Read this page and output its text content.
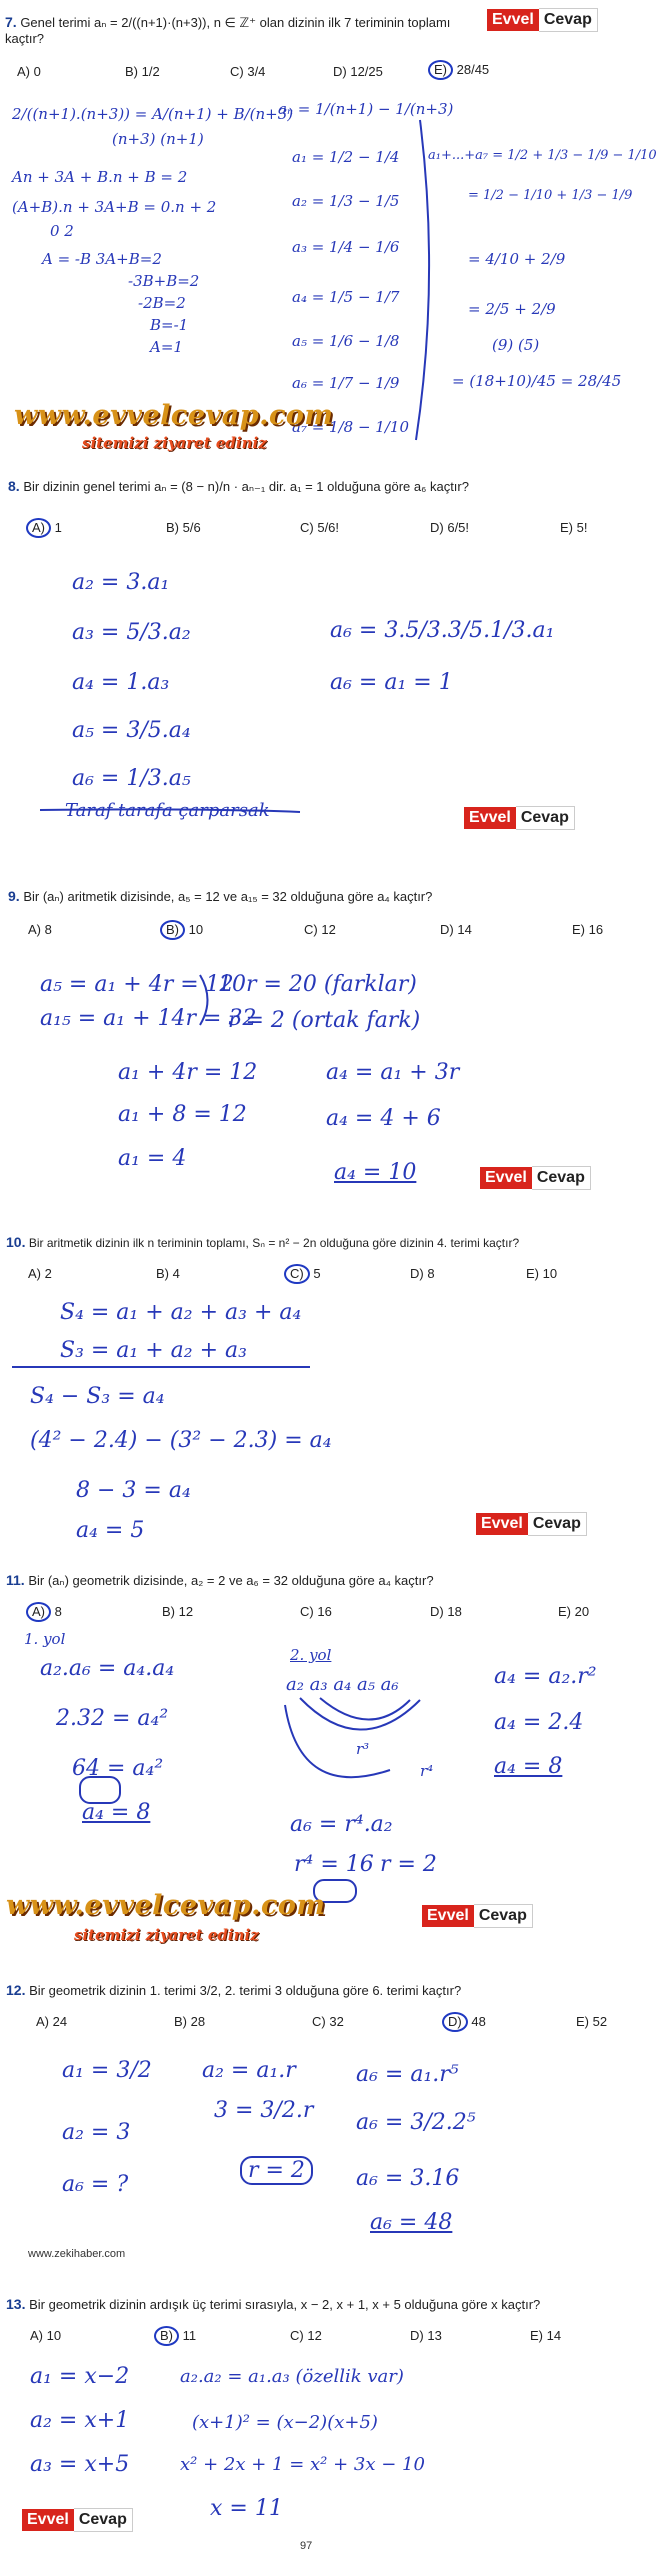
7. Genel terimi aₙ = 2/((n+1)·(n+3)), n ∈ ℤ⁺ olan dizinin ilk 7 teriminin toplamı kaçtır?
Evvel Cevap
A) 0	B) 1/2	C) 3/4	D) 12/25	E) 28/45
2/((n+1).(n+3)) = A/(n+1) + B/(n+3)
(n+3) (n+1)
An + 3A + B.n + B = 2
(A+B).n + 3A+B = 0.n + 2
0 2
A = -B 3A+B=2
-3B+B=2
-2B=2
B=-1
A=1
aₙ = 1/(n+1) − 1/(n+3)
a₁ = 1/2 − 1/4
a₂ = 1/3 − 1/5
a₃ = 1/4 − 1/6
a₄ = 1/5 − 1/7
a₅ = 1/6 − 1/8
a₆ = 1/7 − 1/9
a₇ = 1/8 − 1/10
a₁+...+a₇ = 1/2 + 1/3 − 1/9 − 1/10
= 1/2 − 1/10 + 1/3 − 1/9
= 4/10 + 2/9
= 2/5 + 2/9
(9) (5)
= (18+10)/45 = 28/45
www.evvelcevap.com
sitemizi ziyaret ediniz
8. Bir dizinin genel terimi aₙ = (8 − n)/n · aₙ₋₁ dir. a₁ = 1 olduğuna göre a₆ kaçtır?
A) 1	B) 5/6	C) 5/6!	D) 6/5!	E) 5!
a₂ = 3.a₁
a₃ = 5/3.a₂
a₄ = 1.a₃
a₅ = 3/5.a₄
a₆ = 1/3.a₅
a₆ = 3.5/3.3/5.1/3.a₁
a₆ = a₁ = 1
Taraf tarafa çarparsak	Evvel Cevap
9. Bir (aₙ) aritmetik dizisinde, a₅ = 12 ve a₁₅ = 32 olduğuna göre a₄ kaçtır?
A) 8	B) 10	C) 12	D) 14	E) 16
a₅ = a₁ + 4r = 12
a₁₅ = a₁ + 14r = 32
10r = 20 (farklar)
r = 2 (ortak fark)
a₁ + 4r = 12
a₁ + 8 = 12
a₁ = 4
a₄ = a₁ + 3r
a₄ = 4 + 6
a₄ = 10	Evvel Cevap
10. Bir aritmetik dizinin ilk n teriminin toplamı, Sₙ = n² − 2n olduğuna göre dizinin 4. terimi kaçtır?
A) 2	B) 4	C) 5	D) 8	E) 10
S₄ = a₁ + a₂ + a₃ + a₄
S₃ = a₁ + a₂ + a₃
S₄ − S₃ = a₄
(4² − 2.4) − (3² − 2.3) = a₄
8 − 3 = a₄
a₄ = 5	Evvel Cevap
11. Bir (aₙ) geometrik dizisinde, a₂ = 2 ve a₆ = 32 olduğuna göre a₄ kaçtır?
A) 8	B) 12	C) 16	D) 18	E) 20
1. yol
a₂.a₆ = a₄.a₄
2.32 = a₄²
64 = a₄²
a₄ = 8
2. yol
a₂ a₃ a₄ a₅ a₆
r³
r⁴
a₆ = r⁴.a₂
r⁴ = 16 r = 2
a₄ = a₂.r²
a₄ = 2.4
a₄ = 8
www.evvelcevap.com
sitemizi ziyaret ediniz
Evvel Cevap
12. Bir geometrik dizinin 1. terimi 3/2, 2. terimi 3 olduğuna göre 6. terimi kaçtır?
A) 24	B) 28	C) 32	D) 48	E) 52
a₁ = 3/2
a₂ = 3
a₆ = ?
a₂ = a₁.r
3 = 3/2.r
r = 2
a₆ = a₁.r⁵
a₆ = 3/2.2⁵
a₆ = 3.16
a₆ = 48
www.zekihaber.com
13. Bir geometrik dizinin ardışık üç terimi sırasıyla, x − 2, x + 1, x + 5 olduğuna göre x kaçtır?
A) 10	B) 11	C) 12	D) 13	E) 14
a₁ = x−2
a₂ = x+1
a₃ = x+5
a₂.a₂ = a₁.a₃ (özellik var)
(x+1)² = (x−2)(x+5)
x² + 2x + 1 = x² + 3x − 10
x = 11
Evvel Cevap
97
